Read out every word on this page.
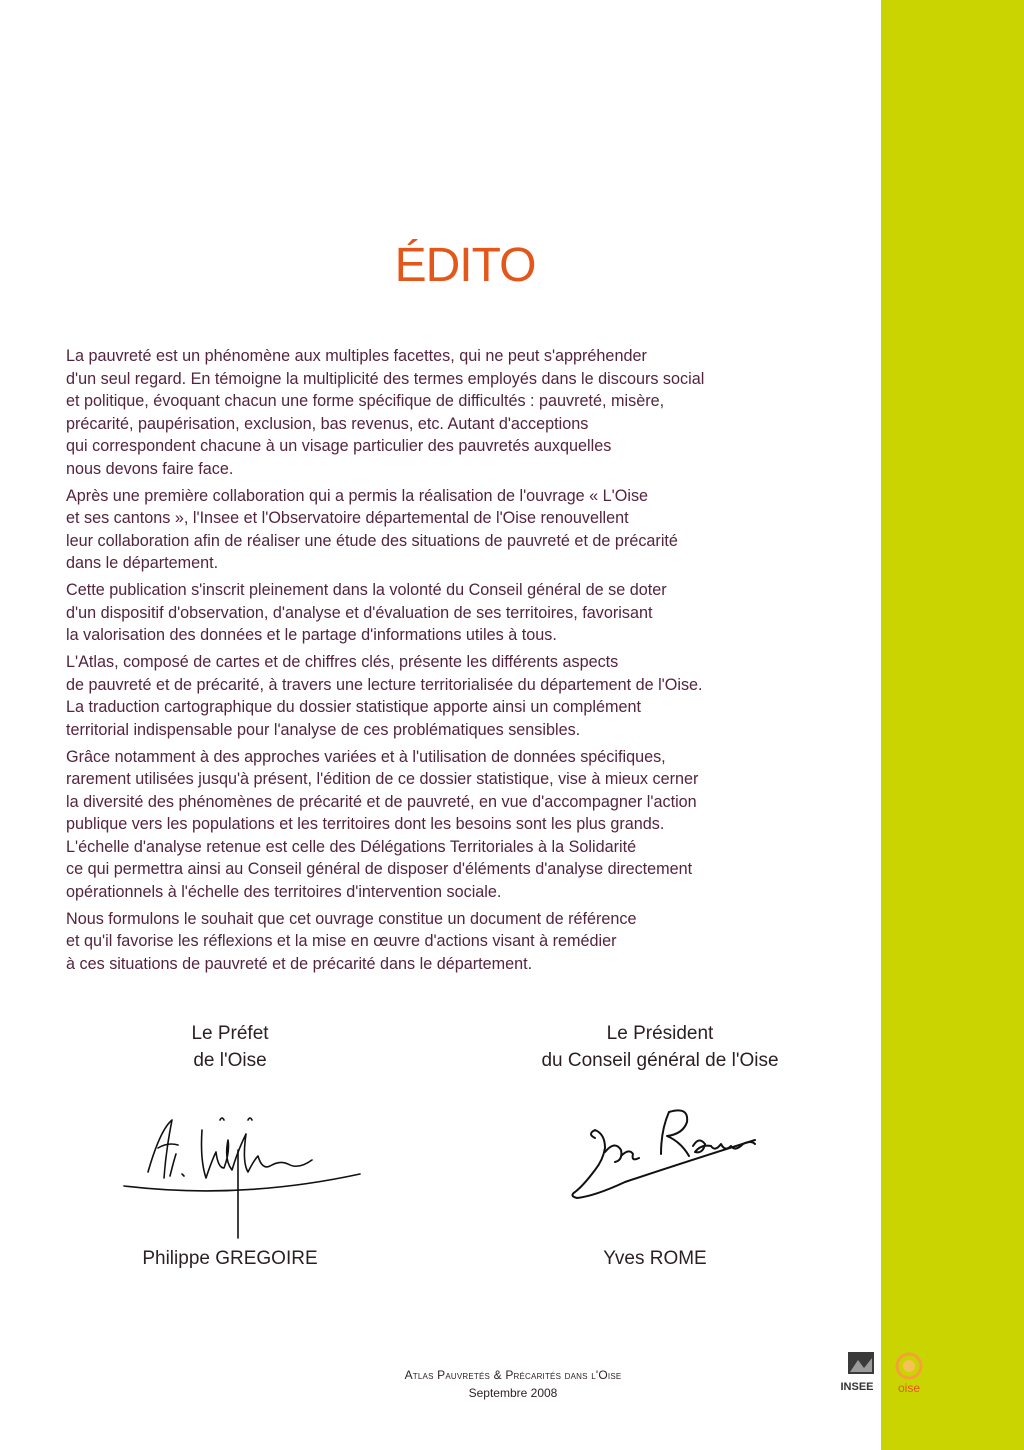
ÉDITO

La pauvreté est un phénomène aux multiples facettes, qui ne peut s'appréhender
d'un seul regard. En témoigne la multiplicité des termes employés dans le discours social
et politique, évoquant chacun une forme spécifique de difficultés : pauvreté, misère,
précarité, paupérisation, exclusion, bas revenus, etc. Autant d'acceptions
qui correspondent chacune à un visage particulier des pauvretés auxquelles
nous devons faire face.

Après une première collaboration qui a permis la réalisation de l'ouvrage « L'Oise
et ses cantons », l'Insee et l'Observatoire départemental de l'Oise renouvellent
leur collaboration afin de réaliser une étude des situations de pauvreté et de précarité
dans le département.

Cette publication s'inscrit pleinement dans la volonté du Conseil général de se doter
d'un dispositif d'observation, d'analyse et d'évaluation de ses territoires, favorisant
la valorisation des données et le partage d'informations utiles à tous.

L'Atlas, composé de cartes et de chiffres clés, présente les différents aspects
de pauvreté et de précarité, à travers une lecture territorialisée du département de l'Oise.
La traduction cartographique du dossier statistique apporte ainsi un complément
territorial indispensable pour l'analyse de ces problématiques sensibles.

Grâce notamment à des approches variées et à l'utilisation de données spécifiques,
rarement utilisées jusqu'à présent, l'édition de ce dossier statistique, vise à mieux cerner
la diversité des phénomènes de précarité et de pauvreté, en vue d'accompagner l'action
publique vers les populations et les territoires dont les besoins sont les plus grands.
L'échelle d'analyse retenue est celle des Délégations Territoriales à la Solidarité
ce qui permettra ainsi au Conseil général de disposer d'éléments d'analyse directement
opérationnels à l'échelle des territoires d'intervention sociale.

Nous formulons le souhait que cet ouvrage constitue un document de référence
et qu'il favorise les réflexions et la mise en œuvre d'actions visant à remédier
à ces situations de pauvreté et de précarité dans le département.

Le Préfet
de l'Oise
Le Président
du Conseil général de l'Oise
Philippe GREGOIRE	Yves ROME
Atlas Pauvretés & Précarités dans l'Oise
Septembre 2008	INSEE oise
